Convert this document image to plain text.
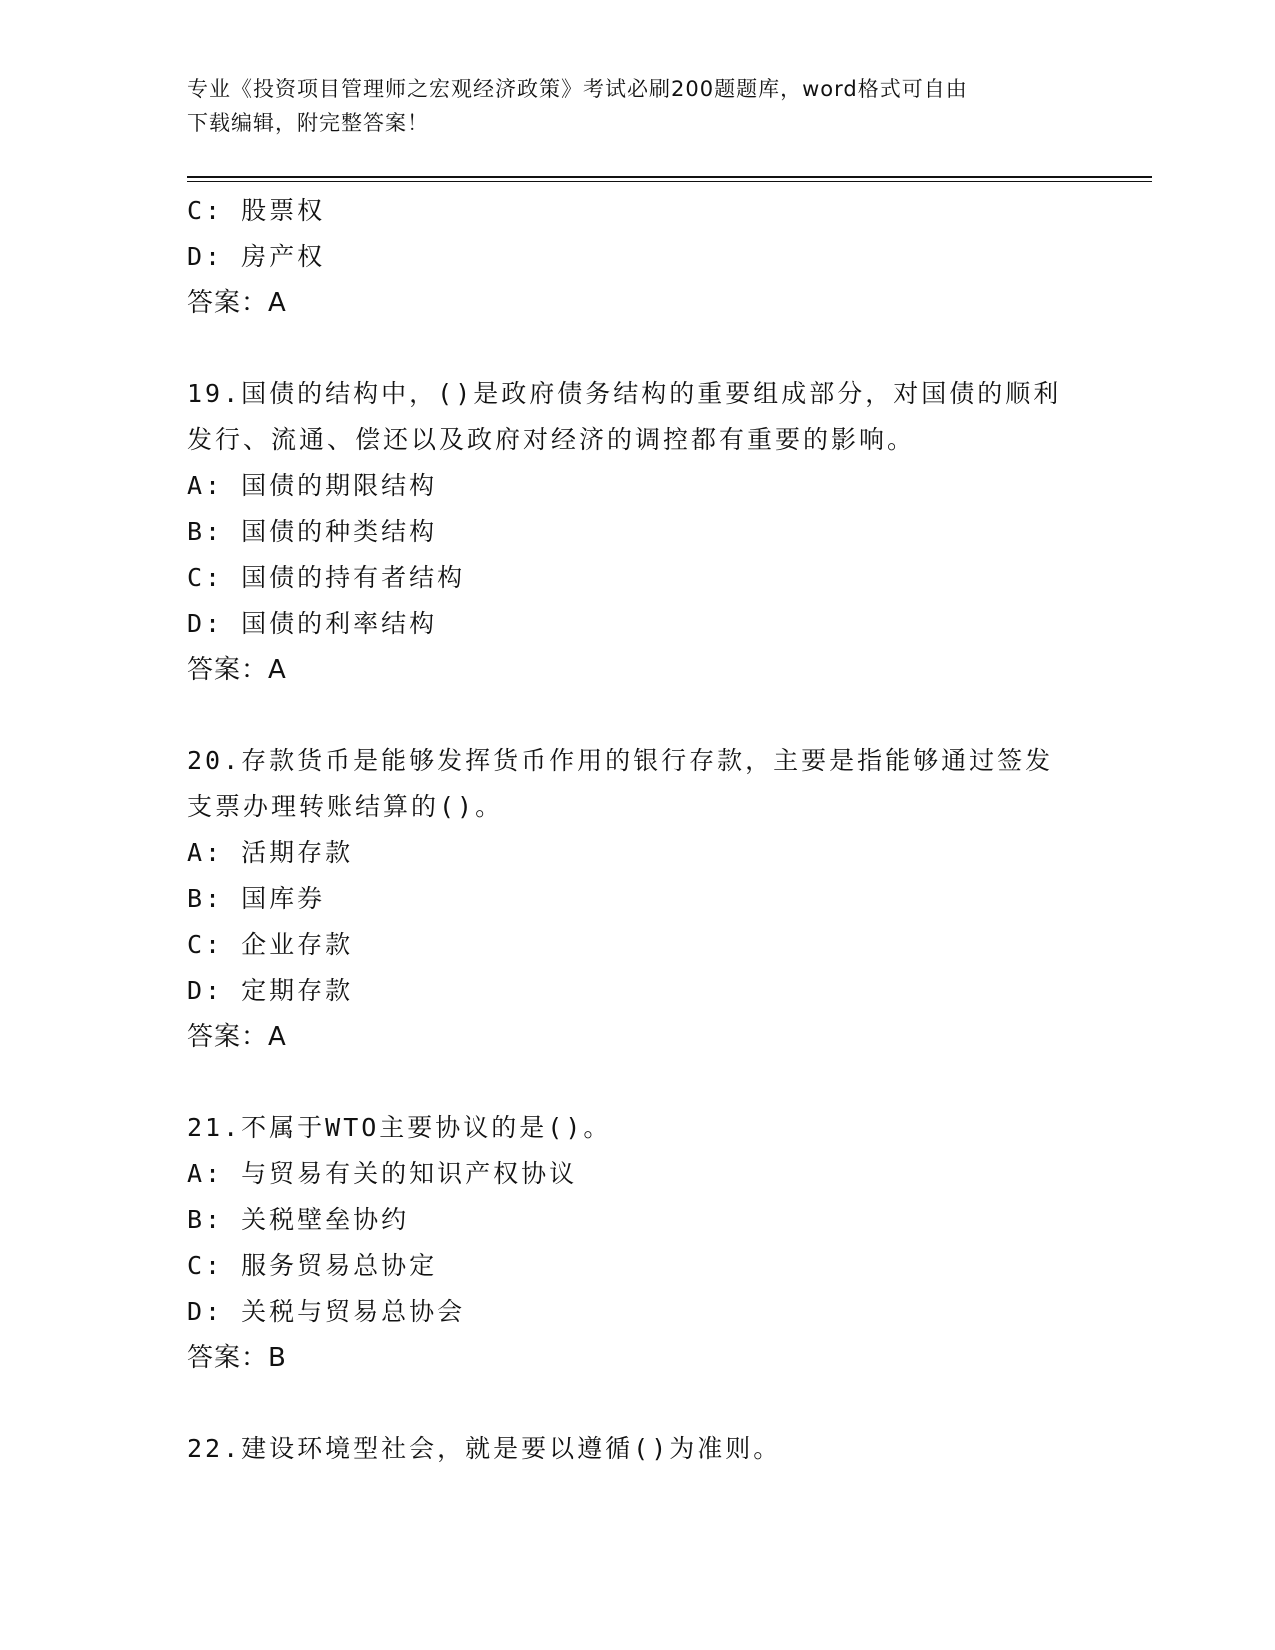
专业《投资项目管理师之宏观经济政策》考试必刷200题题库，word格式可自由
下载编辑，附完整答案！
C: 股票权
D: 房产权
答案：A
19.国债的结构中，()是政府债务结构的重要组成部分，对国债的顺利
发行、流通、偿还以及政府对经济的调控都有重要的影响。
A: 国债的期限结构
B: 国债的种类结构
C: 国债的持有者结构
D: 国债的利率结构
答案：A
20.存款货币是能够发挥货币作用的银行存款，主要是指能够通过签发
支票办理转账结算的()。
A: 活期存款
B: 国库券
C: 企业存款
D: 定期存款
答案：A
21.不属于WTO主要协议的是()。
A: 与贸易有关的知识产权协议
B: 关税壁垒协约
C: 服务贸易总协定
D: 关税与贸易总协会
答案：B
22.建设环境型社会，就是要以遵循()为准则。
